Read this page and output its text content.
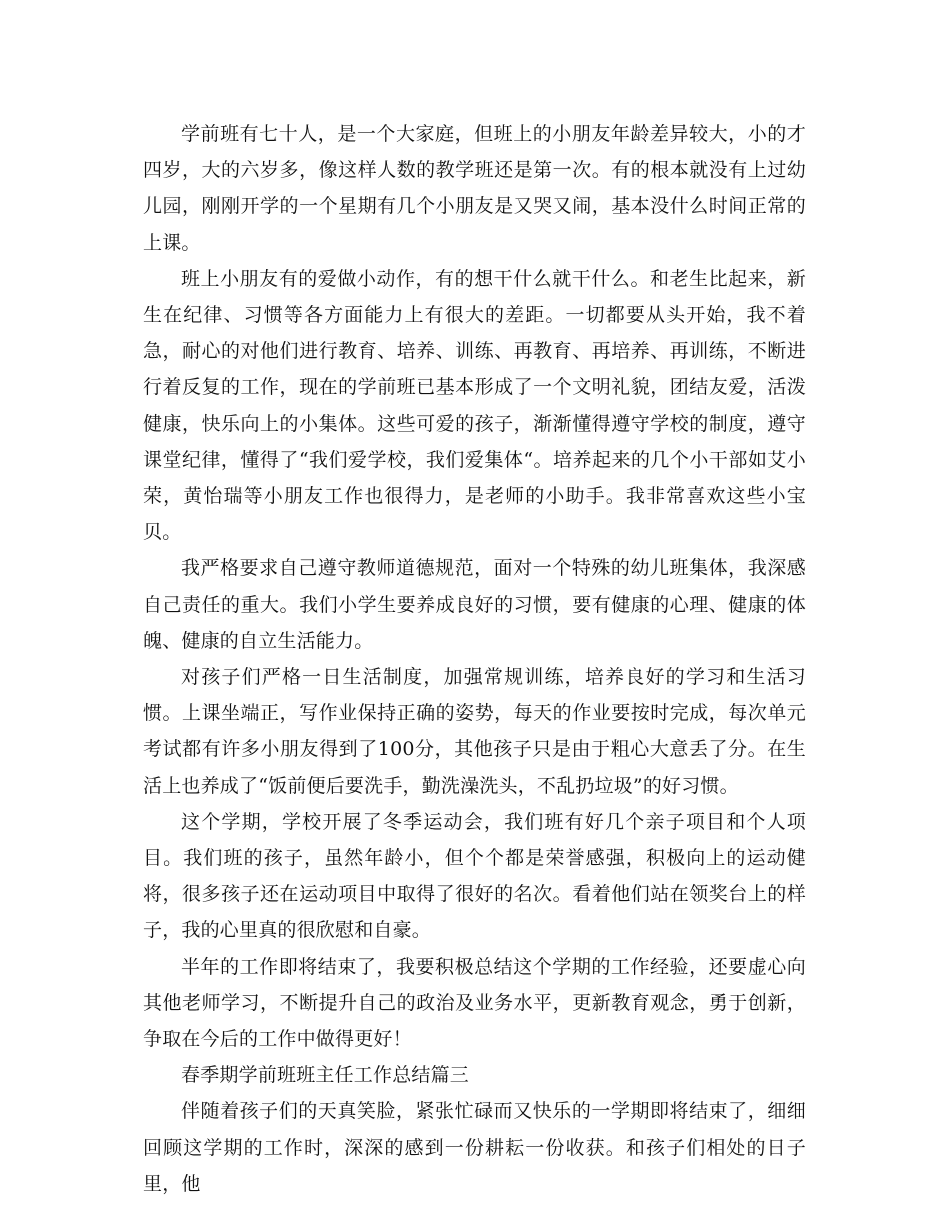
学前班有七十人，是一个大家庭，但班上的小朋友年龄差异较大，小的才四岁，大的六岁多，像这样人数的教学班还是第一次。有的根本就没有上过幼儿园，刚刚开学的一个星期有几个小朋友是又哭又闹，基本没什么时间正常的上课。

班上小朋友有的爱做小动作，有的想干什么就干什么。和老生比起来，新生在纪律、习惯等各方面能力上有很大的差距。一切都要从头开始，我不着急，耐心的对他们进行教育、培养、训练、再教育、再培养、再训练，不断进行着反复的工作，现在的学前班已基本形成了一个文明礼貌，团结友爱，活泼健康，快乐向上的小集体。这些可爱的孩子，渐渐懂得遵守学校的制度，遵守课堂纪律，懂得了“我们爱学校，我们爱集体“。培养起来的几个小干部如艾小荣，黄怡瑞等小朋友工作也很得力，是老师的小助手。我非常喜欢这些小宝贝。

我严格要求自己遵守教师道德规范，面对一个特殊的幼儿班集体，我深感自己责任的重大。我们小学生要养成良好的习惯，要有健康的心理、健康的体魄、健康的自立生活能力。

对孩子们严格一日生活制度，加强常规训练，培养良好的学习和生活习惯。上课坐端正，写作业保持正确的姿势，每天的作业要按时完成，每次单元考试都有许多小朋友得到了100分，其他孩子只是由于粗心大意丢了分。在生活上也养成了“饭前便后要洗手，勤洗澡洗头，不乱扔垃圾”的好习惯。

这个学期，学校开展了冬季运动会，我们班有好几个亲子项目和个人项目。我们班的孩子，虽然年龄小，但个个都是荣誉感强，积极向上的运动健将，很多孩子还在运动项目中取得了很好的名次。看着他们站在领奖台上的样子，我的心里真的很欣慰和自豪。

半年的工作即将结束了，我要积极总结这个学期的工作经验，还要虚心向其他老师学习，不断提升自己的政治及业务水平，更新教育观念，勇于创新，争取在今后的工作中做得更好！

春季期学前班班主任工作总结篇三

伴随着孩子们的天真笑脸，紧张忙碌而又快乐的一学期即将结束了，细细回顾这学期的工作时，深深的感到一份耕耘一份收获。和孩子们相处的日子里，他
